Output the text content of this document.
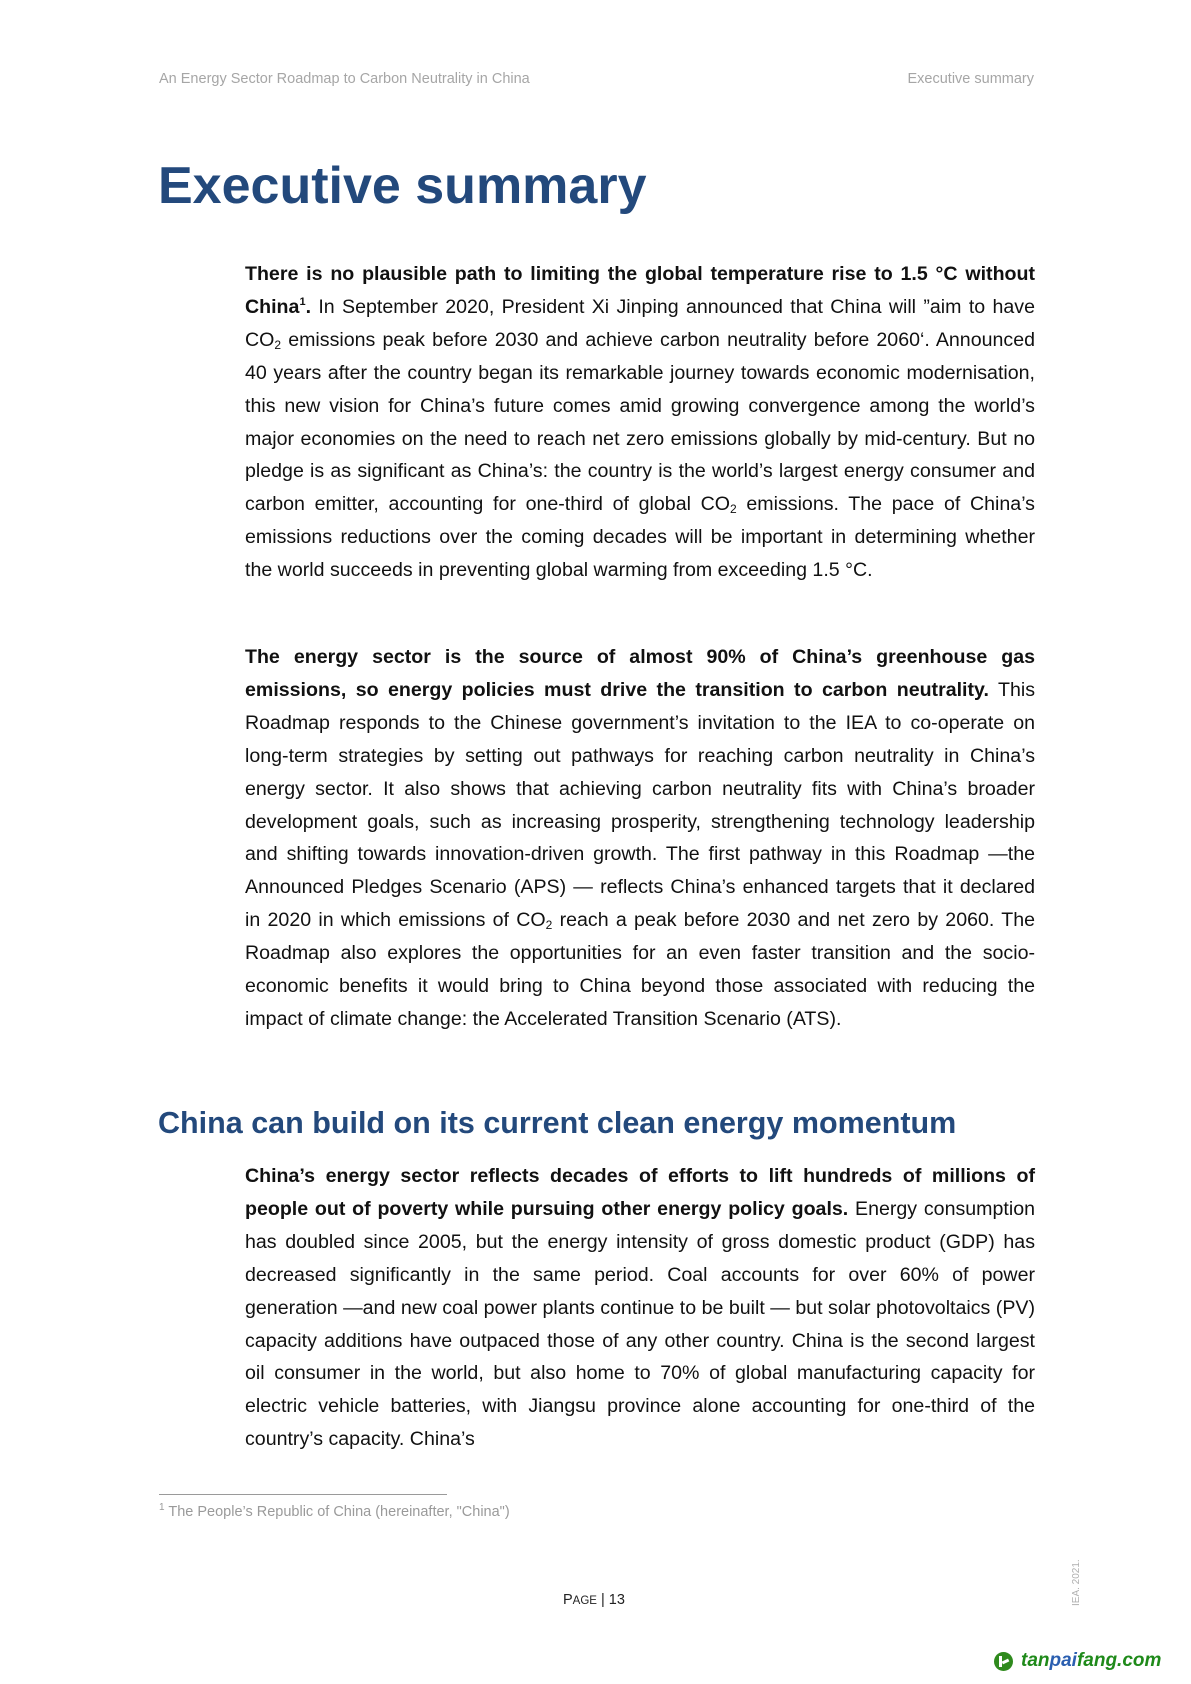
An Energy Sector Roadmap to Carbon Neutrality in China	Executive summary
Executive summary

There is no plausible path to limiting the global temperature rise to 1.5 °C without China$^1$. In September 2020, President Xi Jinping announced that China will ”aim to have $CO_2$ emissions peak before 2030 and achieve carbon neutrality before 2060‘. Announced 40 years after the country began its remarkable journey towards economic modernisation, this new vision for China’s future comes amid growing convergence among the world’s major economies on the need to reach net zero emissions globally by mid-century. But no pledge is as significant as China’s: the country is the world’s largest energy consumer and carbon emitter, accounting for one-third of global $CO_2$ emissions. The pace of China’s emissions reductions over the coming decades will be important in determining whether the world succeeds in preventing global warming from exceeding 1.5 °C.

The energy sector is the source of almost 90% of China’s greenhouse gas emissions, so energy policies must drive the transition to carbon neutrality. This Roadmap responds to the Chinese government’s invitation to the IEA to co-operate on long-term strategies by setting out pathways for reaching carbon neutrality in China’s energy sector. It also shows that achieving carbon neutrality fits with China’s broader development goals, such as increasing prosperity, strengthening technology leadership and shifting towards innovation-driven growth. The first pathway in this Roadmap —the Announced Pledges Scenario (APS) — reflects China’s enhanced targets that it declared in 2020 in which emissions of $CO_2$ reach a peak before 2030 and net zero by 2060. The Roadmap also explores the opportunities for an even faster transition and the socio-economic benefits it would bring to China beyond those associated with reducing the impact of climate change: the Accelerated Transition Scenario (ATS).

China can build on its current clean energy momentum

China’s energy sector reflects decades of efforts to lift hundreds of millions of people out of poverty while pursuing other energy policy goals. Energy consumption has doubled since 2005, but the energy intensity of gross domestic product (GDP) has decreased significantly in the same period. Coal accounts for over 60% of power generation —and new coal power plants continue to be built — but solar photovoltaics (PV) capacity additions have outpaced those of any other country. China is the second largest oil consumer in the world, but also home to 70% of global manufacturing capacity for electric vehicle batteries, with Jiangsu province alone accounting for one-third of the country’s capacity. China’s

$^1$ The People’s Republic of China (hereinafter, "China")
PAGE | 13	IEA. 2021.
tanpaifang.com
